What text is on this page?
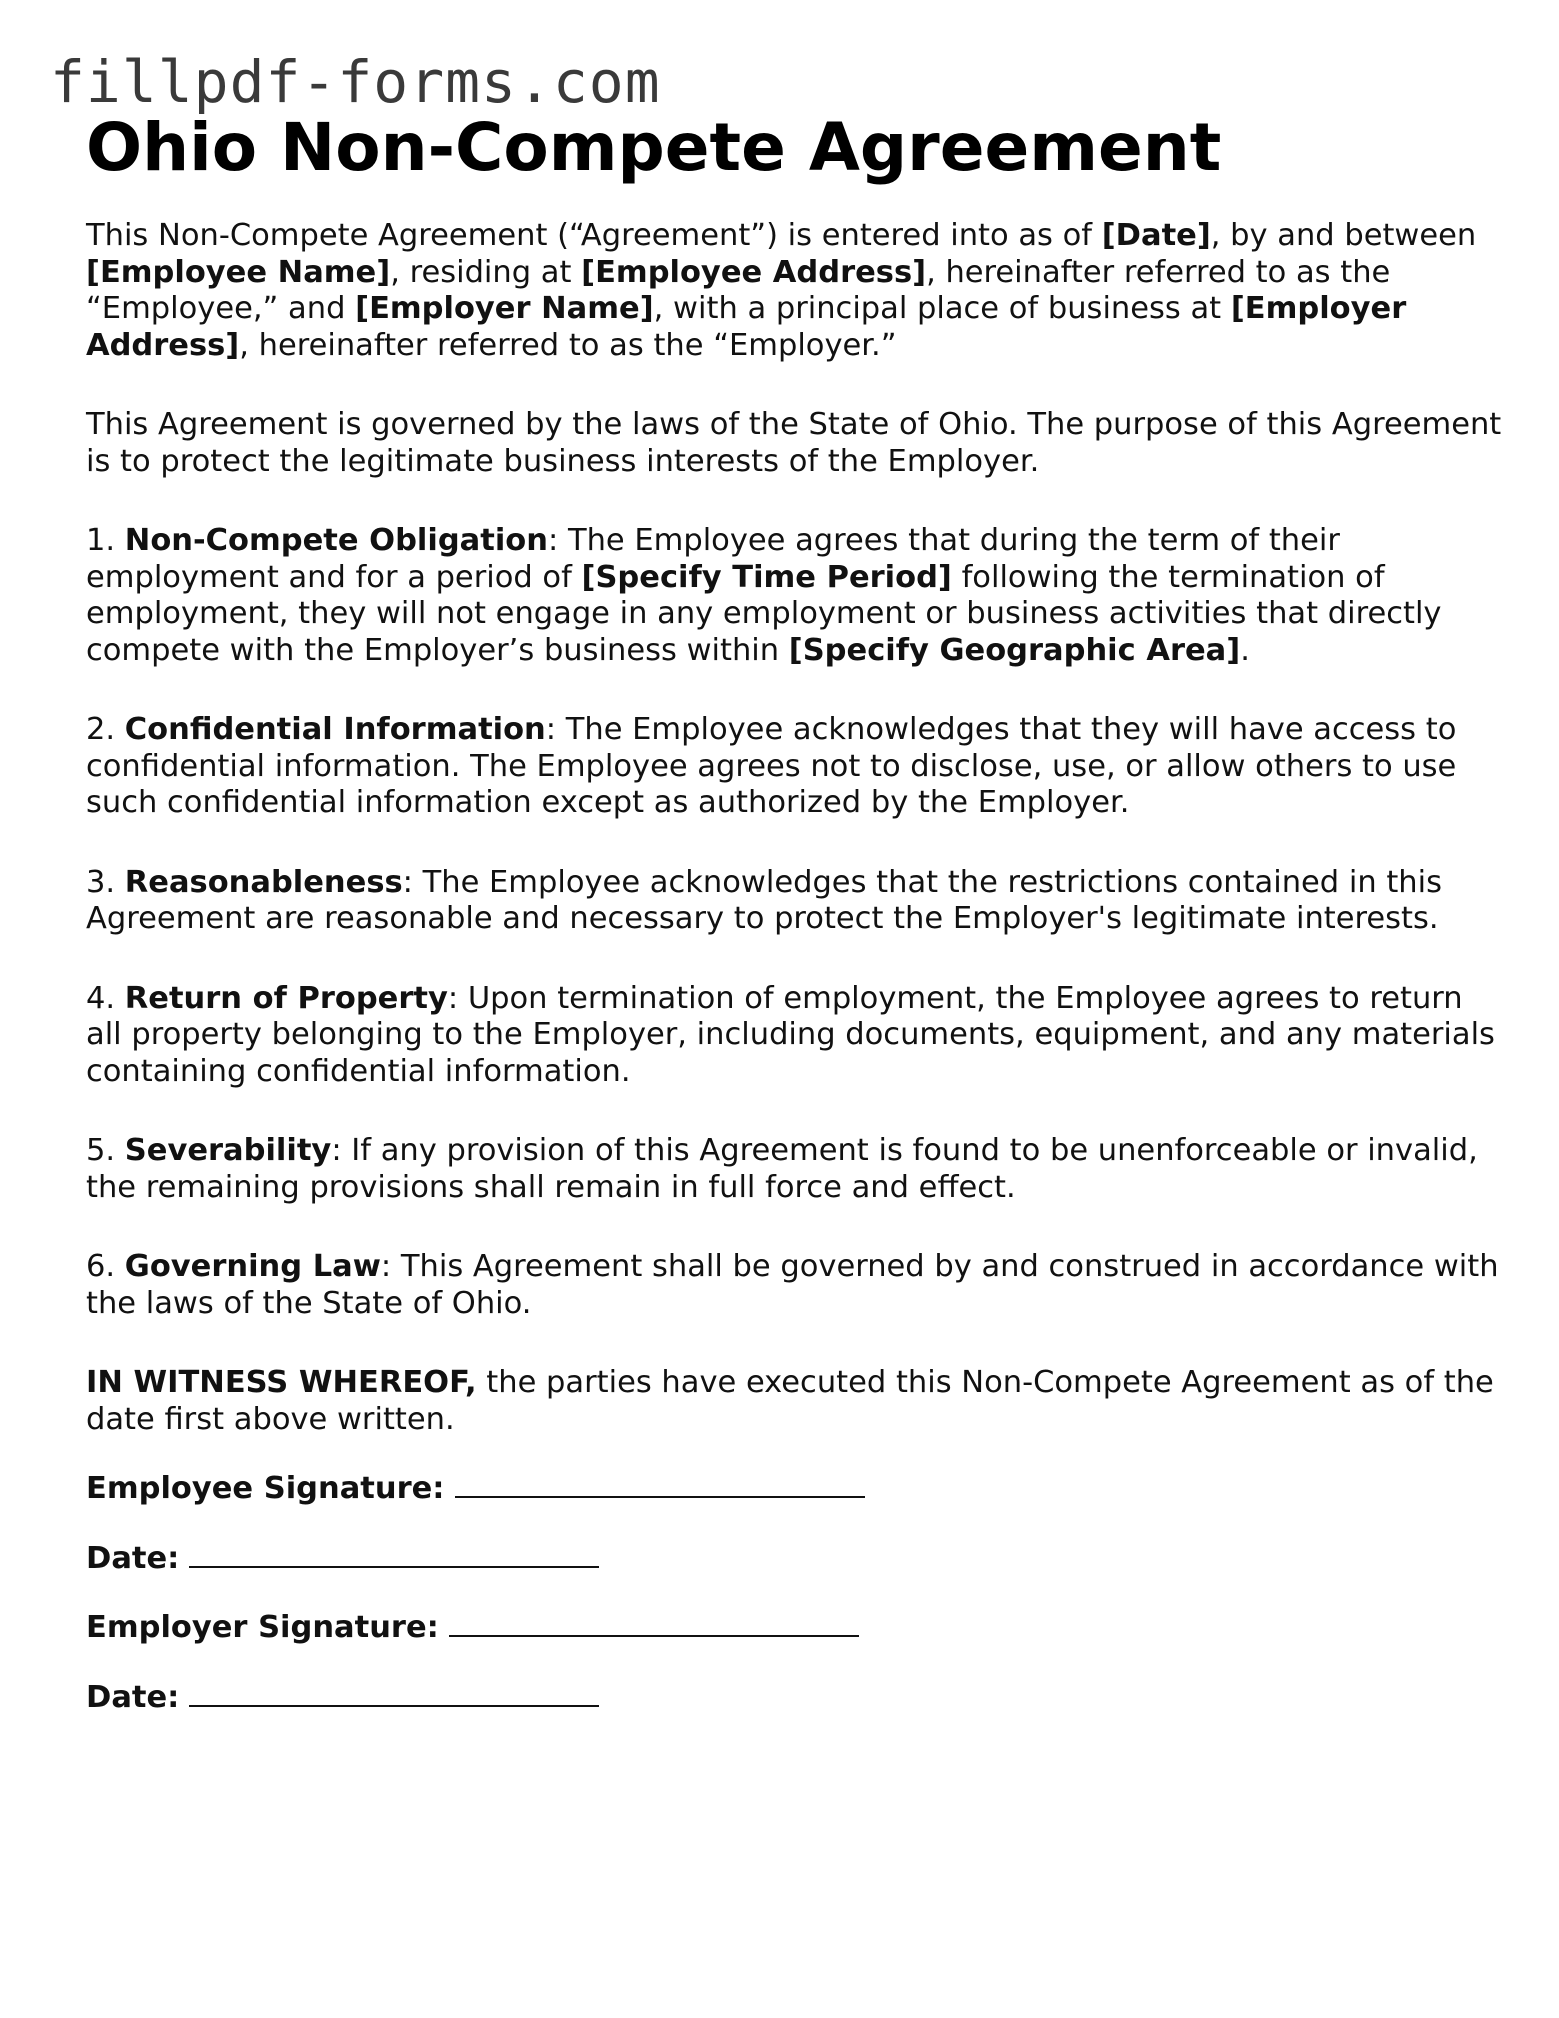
fillpdf-forms.com
Ohio Non-Compete Agreement

This Non-Compete Agreement (“Agreement”) is entered into as of [Date], by and between [Employee Name], residing at [Employee Address], hereinafter referred to as the “Employee,” and [Employer Name], with a principal place of business at [Employer Address], hereinafter referred to as the “Employer.”

This Agreement is governed by the laws of the State of Ohio. The purpose of this Agreement is to protect the legitimate business interests of the Employer.

1. Non-Compete Obligation: The Employee agrees that during the term of their employment and for a period of [Specify Time Period] following the termination of employment, they will not engage in any employment or business activities that directly compete with the Employer’s business within [Specify Geographic Area].

2. Confidential Information: The Employee acknowledges that they will have access to confidential information. The Employee agrees not to disclose, use, or allow others to use such confidential information except as authorized by the Employer.

3. Reasonableness: The Employee acknowledges that the restrictions contained in this Agreement are reasonable and necessary to protect the Employer's legitimate interests.

4. Return of Property: Upon termination of employment, the Employee agrees to return all property belonging to the Employer, including documents, equipment, and any materials containing confidential information.

5. Severability: If any provision of this Agreement is found to be unenforceable or invalid, the remaining provisions shall remain in full force and effect.

6. Governing Law: This Agreement shall be governed by and construed in accordance with the laws of the State of Ohio.

IN WITNESS WHEREOF, the parties have executed this Non-Compete Agreement as of the date first above written.

Employee Signature:

Date:

Employer Signature:

Date:
